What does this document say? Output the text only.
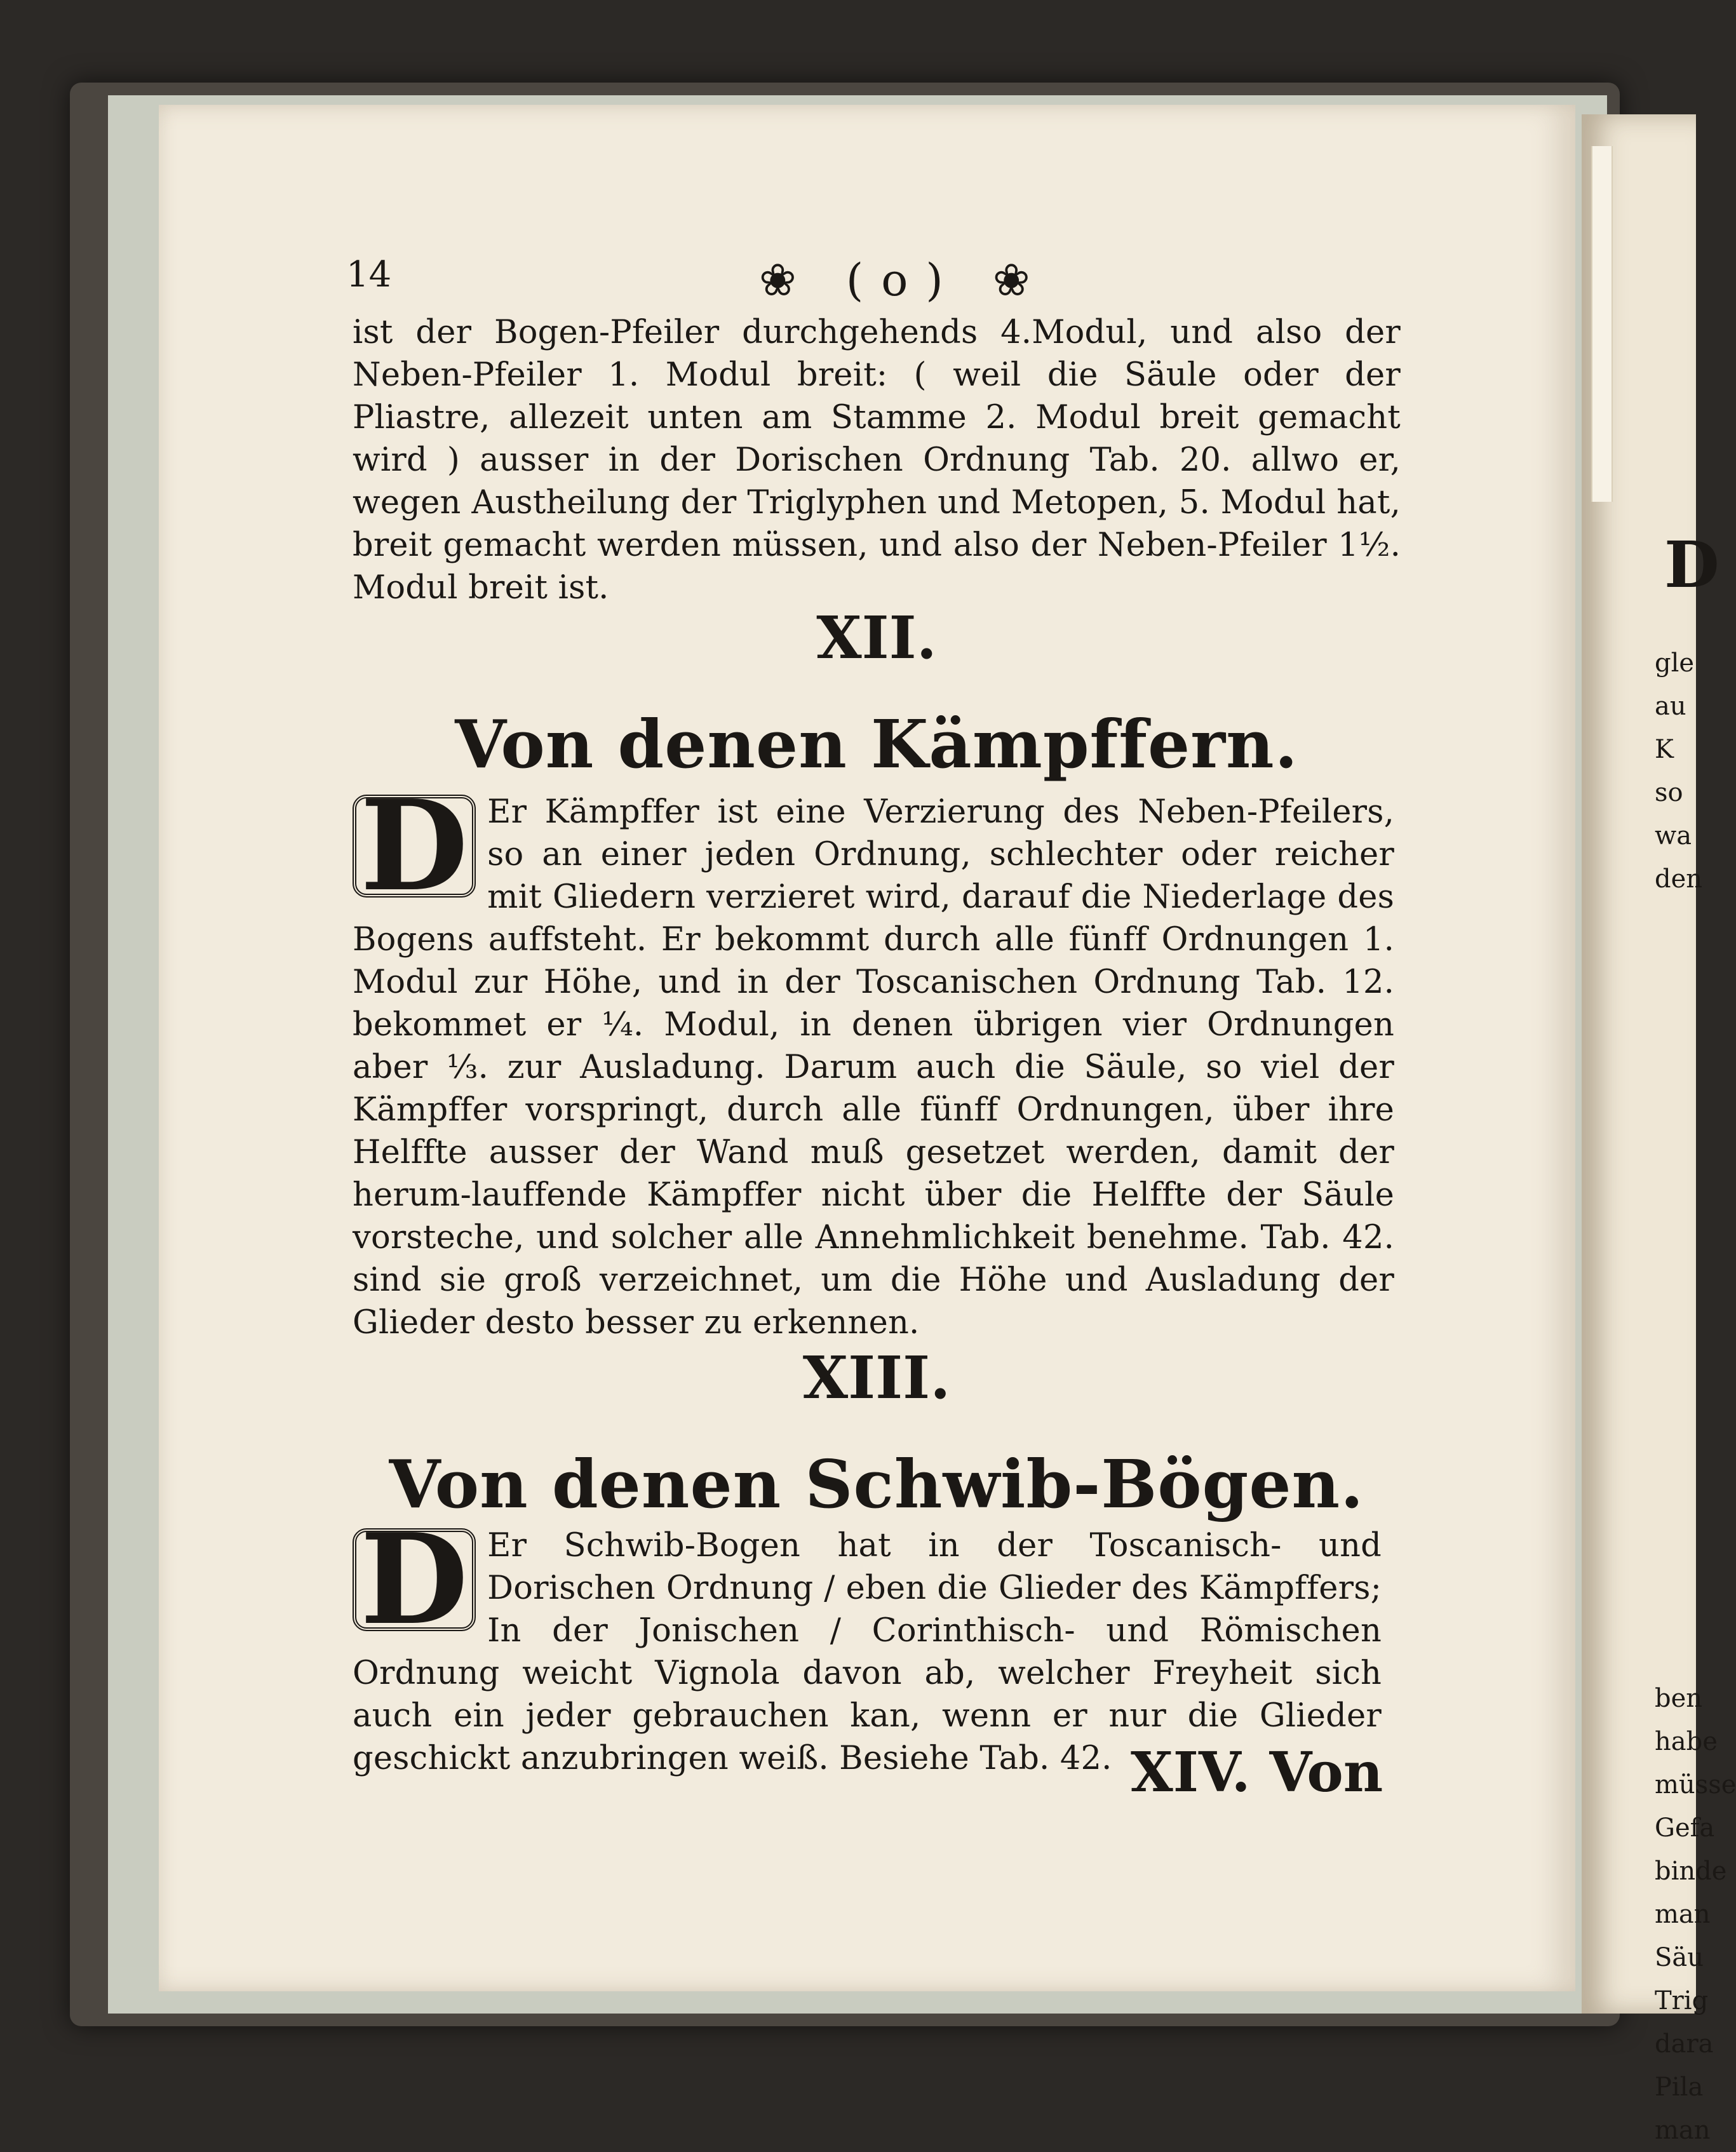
D
gle
au
K
so
wa
den
ben
habe
müsse
Gefa
binde
man
Säu
Trig
dara
Pila
man
14	❀ (o) ❀
ist der Bogen-Pfeiler durchgehends 4.Modul, und also der Neben-Pfeiler 1. Modul breit: ( weil die Säule oder der Pliastre, allezeit unten am Stamme 2. Modul breit gemacht wird ) ausser in der Dorischen Ordnung Tab. 20. allwo er, wegen Austheilung der Triglyphen und Metopen, 5. Modul hat, breit gemacht werden müssen, und also der Neben-Pfeiler 1½. Modul breit ist.
XII.
Von denen Kämpffern.
D Er Kämpffer ist eine Verzierung des Neben-Pfeilers, so an einer jeden Ordnung, schlechter oder reicher mit Gliedern verzieret wird, darauf die Niederlage des Bogens auffsteht. Er bekommt durch alle fünff Ordnungen 1. Modul zur Höhe, und in der Toscanischen Ordnung Tab. 12. bekommet er ¼. Modul, in denen übrigen vier Ordnungen aber ⅓. zur Ausladung. Darum auch die Säule, so viel der Kämpffer vorspringt, durch alle fünff Ordnungen, über ihre Helffte ausser der Wand muß gesetzet werden, damit der herum-lauffende Kämpffer nicht über die Helffte der Säule vorsteche, und solcher alle Annehmlichkeit benehme. Tab. 42. sind sie groß verzeichnet, um die Höhe und Ausladung der Glieder desto besser zu erkennen.
XIII.
Von denen Schwib-Bögen.
D Er Schwib-Bogen hat in der Toscanisch- und Dorischen Ordnung / eben die Glieder des Kämpffers; In der Jonischen / Corinthisch- und Römischen Ordnung weicht Vignola davon ab, welcher Freyheit sich auch ein jeder gebrauchen kan, wenn er nur die Glieder geschickt anzubringen weiß. Besiehe Tab. 42. XIV. Von
